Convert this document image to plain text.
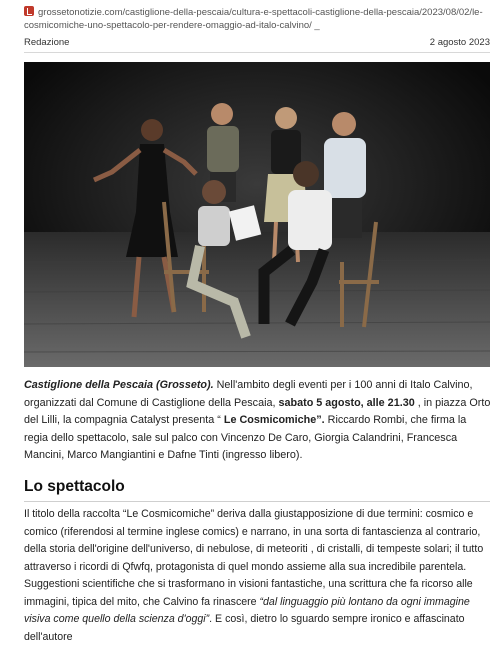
grossetonotizie.com/castiglione-della-pescaia/cultura-e-spettacoli-castiglione-della-pescaia/2023/08/02/le-
cosmicomiche-uno-spettacolo-per-rendere-omaggio-ad-italo-calvino/ _
Redazione	2 agosto 2023
Castiglione della Pescaia (Grosseto). Nell'ambito degli eventi per i 100 anni di Italo Calvino, organizzati dal Comune di Castiglione della Pescaia, sabato 5 agosto, alle 21.30 , in piazza Orto del Lilli, la compagnia Catalyst presenta “ Le Cosmicomiche”. Riccardo Rombi, che firma la regia dello spettacolo, sale sul palco con Vincenzo De Caro, Giorgia Calandrini, Francesca Mancini, Marco Mangiantini e Dafne Tinti (ingresso libero).
Lo spettacolo
Il titolo della raccolta “Le Cosmicomiche” deriva dalla giustapposizione di due termini: cosmico e comico (riferendosi al termine inglese comics) e narrano, in una sorta di fantascienza al contrario, della storia dell'origine dell'universo, di nebulose, di meteoriti , di cristalli, di tempeste solari; il tutto attraverso i ricordi di Qfwfq, protagonista di quel mondo assieme alla sua incredibile parentela. Suggestioni scientifiche che si trasformano in visioni fantastiche, una scrittura che fa ricorso alle immagini, tipica del mito, che Calvino fa rinascere “dal linguaggio più lontano da ogni immagine visiva come quello della scienza d'oggi”. E così, dietro lo sguardo sempre ironico e affascinato dell'autore
